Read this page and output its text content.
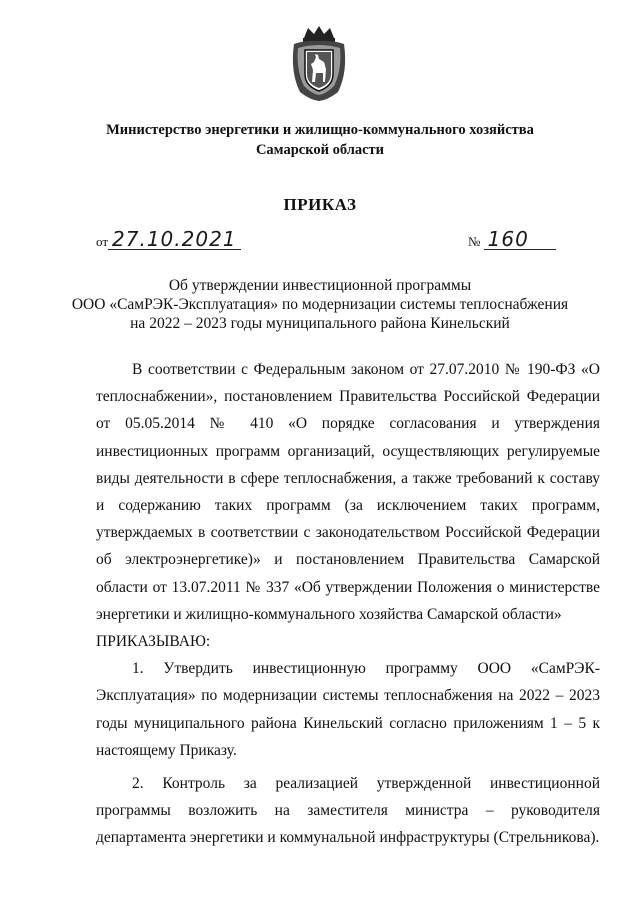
Министерство энергетики и жилищно-коммунального хозяйства
Самарской области
ПРИКАЗ
от 27.10.2021	№ 160
Об утверждении инвестиционной программы
ООО «СамРЭК-Эксплуатация» по модернизации системы теплоснабжения
на 2022 – 2023 годы муниципального района Кинельский

В соответствии с Федеральным законом от 27.07.2010 № 190-ФЗ «О теплоснабжении», постановлением Правительства Российской Федерации от 05.05.2014 № 410 «О порядке согласования и утверждения инвестиционных программ организаций, осуществляющих регулируемые виды деятельности в сфере теплоснабжения, а также требований к составу и содержанию таких программ (за исключением таких программ, утверждаемых в соответствии с законодательством Российской Федерации об электроэнергетике)» и постановлением Правительства Самарской области от 13.07.2011 № 337 «Об утверждении Положения о министерстве энергетики и жилищно-коммунального хозяйства Самарской области»

ПРИКАЗЫВАЮ:

1. Утвердить инвестиционную программу ООО «СамРЭК-Эксплуатация» по модернизации системы теплоснабжения на 2022 – 2023 годы муниципального района Кинельский согласно приложениям 1 – 5 к настоящему Приказу.

2. Контроль за реализацией утвержденной инвестиционной программы возложить на заместителя министра – руководителя департамента энергетики и коммунальной инфраструктуры (Стрельникова).
